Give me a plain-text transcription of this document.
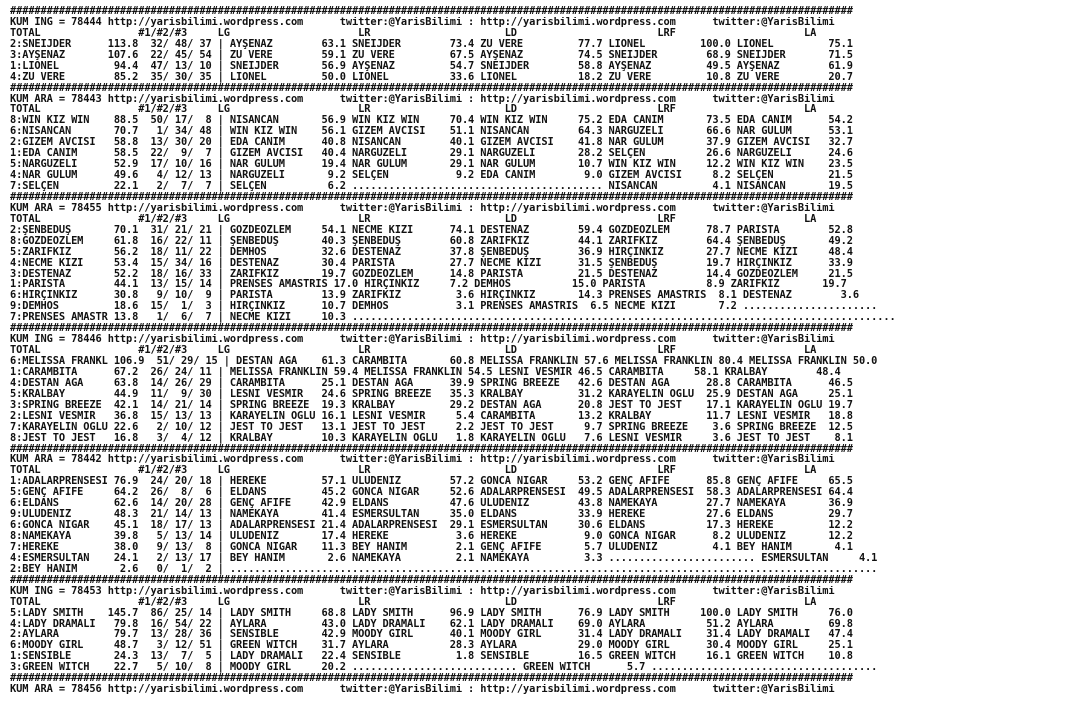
##########################################################################################################################################
KUM ING = 78444 http://yarisbilimi.wordpress.com      twitter:@YarisBilimi : http://yarisbilimi.wordpress.com      twitter:@YarisBilimi
TOTAL                #1/#2/#3     LG                     LR                      LD                       LRF                     LA
2:SNEIJDER      113.8  32/ 48/ 37 | AYŞENAZ        63.1 SNEIJDER        73.4 ZU VERE         77.7 LIONEL         100.0 LIONEL         75.1
3:AYŞENAZ       107.6  22/ 45/ 54 | ZU VERE        59.1 ZU VERE         67.5 AYŞENAZ         74.5 SNEIJDER        68.9 SNEIJDER       71.5
1:LIONEL         94.4  47/ 13/ 10 | SNEIJDER       56.9 AYŞENAZ         54.7 SNEIJDER        58.8 AYŞENAZ         49.5 AYŞENAZ        61.9
4:ZU VERE        85.2  35/ 30/ 35 | LIONEL         50.0 LIONEL          33.6 LIONEL          18.2 ZU VERE         10.8 ZU VERE        20.7
##########################################################################################################################################
KUM ARA = 78443 http://yarisbilimi.wordpress.com      twitter:@YarisBilimi : http://yarisbilimi.wordpress.com      twitter:@YarisBilimi
TOTAL                #1/#2/#3     LG                     LR                      LD                       LRF                     LA
8:WIN KIZ WIN    88.5  50/ 17/  8 | NİSANCAN       56.9 WIN KIZ WIN     70.4 WIN KIZ WIN     75.2 EDA CANIM       73.5 EDA CANIM      54.2
6:NİSANCAN       70.7   1/ 34/ 48 | WIN KIZ WIN    56.1 GİZEM AVCISI    51.1 NİSANCAN        64.3 NARGÜZELİ       66.6 NAR GÜLÜM      53.1
2:GİZEM AVCISI   58.8  13/ 30/ 20 | EDA CANIM      40.8 NİSANCAN        40.1 GİZEM AVCISI    41.8 NAR GÜLÜM       37.9 GİZEM AVCISI   32.7
1:EDA CANIM      58.5  22/  9/  7 | GİZEM AVCISI   40.4 NARGÜZELİ       29.1 NARGÜZELİ       28.2 SELÇEN          26.6 NARGÜZELİ      24.6
5:NARGÜZELİ      52.9  17/ 10/ 16 | NAR GÜLÜM      19.4 NAR GÜLÜM       29.1 NAR GÜLÜM       10.7 WIN KIZ WIN     12.2 WIN KIZ WIN    23.5
4:NAR GÜLÜM      49.6   4/ 12/ 13 | NARGÜZELİ       9.2 SELÇEN           9.2 EDA CANIM        9.0 GİZEM AVCISI     8.2 SELÇEN         21.5
7:SELÇEN         22.1   2/  7/  7 | SELÇEN          6.2 ......................................... NİSANCAN         4.1 NİSANCAN       19.5
##########################################################################################################################################
KUM ARA = 78455 http://yarisbilimi.wordpress.com      twitter:@YarisBilimi : http://yarisbilimi.wordpress.com      twitter:@YarisBilimi
TOTAL                #1/#2/#3     LG                     LR                      LD                       LRF                     LA
2:ŞENBEDÜŞ       70.1  31/ 21/ 21 | GÖZDEÖZLEM     54.1 NECME KIZI      74.1 DESTENAZ        59.4 GÖZDEÖZLEM      78.7 PARISTA        52.8
8:GÖZDEÖZLEM     61.8  16/ 22/ 11 | ŞENBEDÜŞ       40.3 ŞENBEDÜŞ        60.8 ZARİFKIZ        44.1 ZARİFKIZ        64.4 ŞENBEDÜŞ       49.2
5:ZARİFKIZ       56.2  18/ 11/ 22 | DEMHOS         32.6 DESTENAZ        37.8 ŞENBEDÜŞ        36.9 HIRÇINKIZ       27.7 NECME KIZI     48.4
4:NECME KIZI     53.4  15/ 34/ 16 | DESTENAZ       30.4 PARISTA         27.7 NECME KIZI      31.5 ŞENBEDÜŞ        19.7 HIRÇINKIZ      33.9
3:DESTENAZ       52.2  18/ 16/ 33 | ZARİFKIZ       19.7 GÖZDEÖZLEM      14.8 PARISTA         21.5 DESTENAZ        14.4 GÖZDEÖZLEM     21.5
1:PARISTA        44.1  13/ 15/ 14 | PRENSES AMASTRİS 17.0 HIRÇINKIZ     7.2 DEMHOS          15.0 PARISTA          8.9 ZARİFKIZ       19.7
6:HIRÇINKIZ      30.8   9/ 10/  9 | PARISTA        13.9 ZARİFKIZ         3.6 HIRÇINKIZ       14.3 PRENSES AMASTRİS  8.1 DESTENAZ        3.6
9:DEMHOS         18.6  15/  1/  3 | HIRÇINKIZ      10.7 DEMHOS           3.1 PRENSES AMASTRİS  6.5 NECME KIZI       7.2 ......................
7:PRENSES AMASTR 13.8   1/  6/  7 | NECME KIZI     10.3 .........................................................................................
##########################################################################################################################################
KUM ING = 78446 http://yarisbilimi.wordpress.com      twitter:@YarisBilimi : http://yarisbilimi.wordpress.com      twitter:@YarisBilimi
TOTAL                #1/#2/#3     LG                     LR                      LD                       LRF                     LA
6:MELISSA FRANKL 106.9  51/ 29/ 15 | DESTAN AGA    61.3 CARAMBITA       60.8 MELISSA FRANKLIN 57.6 MELISSA FRANKLIN 80.4 MELISSA FRANKLIN 50.0
1:CARAMBITA      67.2  26/ 24/ 11 | MELISSA FRANKLIN 59.4 MELISSA FRANKLIN 54.5 LESNİ VESMİR 46.5 CARAMBITA     58.1 KRALBAY        48.4
4:DESTAN AGA     63.8  14/ 26/ 29 | CARAMBITA      25.1 DESTAN AGA      39.9 SPRING BREEZE   42.6 DESTAN AGA      28.8 CARAMBITA      46.5
5:KRALBAY        44.9  11/  9/ 30 | LESNİ VESMİR   24.6 SPRING BREEZE   35.3 KRALBAY         31.2 KARAYELİN OĞLU  25.9 DESTAN AGA     25.1
3:SPRING BREEZE  42.1  14/ 21/ 14 | SPRING BREEZE  19.3 KRALBAY         29.2 DESTAN AGA      20.8 JEST TO JEST    17.1 KARAYELİN OĞLU 19.7
2:LESNİ VESMİR   36.8  15/ 13/ 13 | KARAYELİN OĞLU 16.1 LESNİ VESMİR     5.4 CARAMBITA       13.2 KRALBAY         11.7 LESNİ VESMİR   18.8
7:KARAYELİN OĞLU 22.6   2/ 10/ 12 | JEST TO JEST   13.1 JEST TO JEST     2.2 JEST TO JEST     9.7 SPRING BREEZE    3.6 SPRING BREEZE  12.5
8:JEST TO JEST   16.8   3/  4/ 12 | KRALBAY        10.3 KARAYELİN OĞLU   1.8 KARAYELİN OĞLU   7.6 LESNİ VESMİR     3.6 JEST TO JEST    8.1
##########################################################################################################################################
KUM ARA = 78442 http://yarisbilimi.wordpress.com      twitter:@YarisBilimi : http://yarisbilimi.wordpress.com      twitter:@YarisBilimi
TOTAL                #1/#2/#3     LG                     LR                      LD                       LRF                     LA
1:ADALARPRENSESİ 76.9  24/ 20/ 18 | HEREKE         57.1 ULUDENİZ        57.2 GONCA NİGAR     53.2 GENÇ AFİFE      85.8 GENÇ AFİFE     65.5
5:GENÇ AFİFE     64.2  26/  8/  6 | ELDANS         45.2 GONCA NİGAR     52.6 ADALARPRENSESİ  49.5 ADALARPRENSESİ  58.3 ADALARPRENSESİ 64.4
6:ELDANS         62.6  14/ 20/ 28 | GENÇ AFİFE     42.9 ELDANS          47.6 ULUDENİZ        43.8 NAMEKAYA        27.7 NAMEKAYA       36.9
9:ULUDENİZ       48.3  21/ 14/ 13 | NAMEKAYA       41.4 ESMERSULTAN     35.0 ELDANS          33.9 HEREKE          27.6 ELDANS         29.7
6:GONCA NİGAR    45.1  18/ 17/ 13 | ADALARPRENSESİ 21.4 ADALARPRENSESİ  29.1 ESMERSULTAN     30.6 ELDANS          17.3 HEREKE         12.2
8:NAMEKAYA       39.8   5/ 13/ 14 | ULUDENİZ       17.4 HEREKE           3.6 HEREKE           9.0 GONCA NİGAR      8.2 ULUDENİZ       12.2
7:HEREKE         38.0   9/ 13/  8 | GONCA NİGAR    11.3 BEY HANIM        2.1 GENÇ AFİFE       5.7 ULUDENİZ         4.1 BEY HANIM       4.1
4:ESMERSULTAN    24.1   2/ 13/ 17 | BEY HANIM       2.6 NAMEKAYA         2.1 NAMEKAYA         3.3 ........................ ESMERSULTAN     4.1
2:BEY HANIM       2.6   0/  1/  2 | ..........................................................................................................
##########################################################################################################################################
KUM ING = 78453 http://yarisbilimi.wordpress.com      twitter:@YarisBilimi : http://yarisbilimi.wordpress.com      twitter:@YarisBilimi
TOTAL                #1/#2/#3     LG                     LR                      LD                       LRF                     LA
5:LADY SMITH    145.7  86/ 25/ 14 | LADY SMITH     68.8 LADY SMITH      96.9 LADY SMITH      76.9 LADY SMITH     100.0 LADY SMITH     76.0
4:LADY DRAMALI   79.8  16/ 54/ 22 | AYLARA         43.0 LADY DRAMALI    62.1 LADY DRAMALI    69.0 AYLARA          51.2 AYLARA         69.8
2:AYLARA         79.7  13/ 28/ 36 | SENSIBLE       42.9 MOODY GIRL      40.1 MOODY GIRL      31.4 LADY DRAMALI    31.4 LADY DRAMALI   47.4
6:MOODY GIRL     48.7   3/ 12/ 51 | GREEN WITCH    31.7 AYLARA          28.3 AYLARA          29.0 MOODY GIRL      30.4 MOODY GIRL     25.1
1:SENSIBLE       24.3  13/  7/  5 | LADY DRAMALI   22.4 SENSIBLE         1.8 SENSIBLE        16.5 GREEN WITCH     16.1 GREEN WITCH    10.8
3:GREEN WITCH    22.7   5/ 10/  8 | MOODY GIRL     20.2 ........................... GREEN WITCH      5.7 .....................................
##########################################################################################################################################
KUM ARA = 78456 http://yarisbilimi.wordpress.com      twitter:@YarisBilimi : http://yarisbilimi.wordpress.com      twitter:@YarisBilimi
